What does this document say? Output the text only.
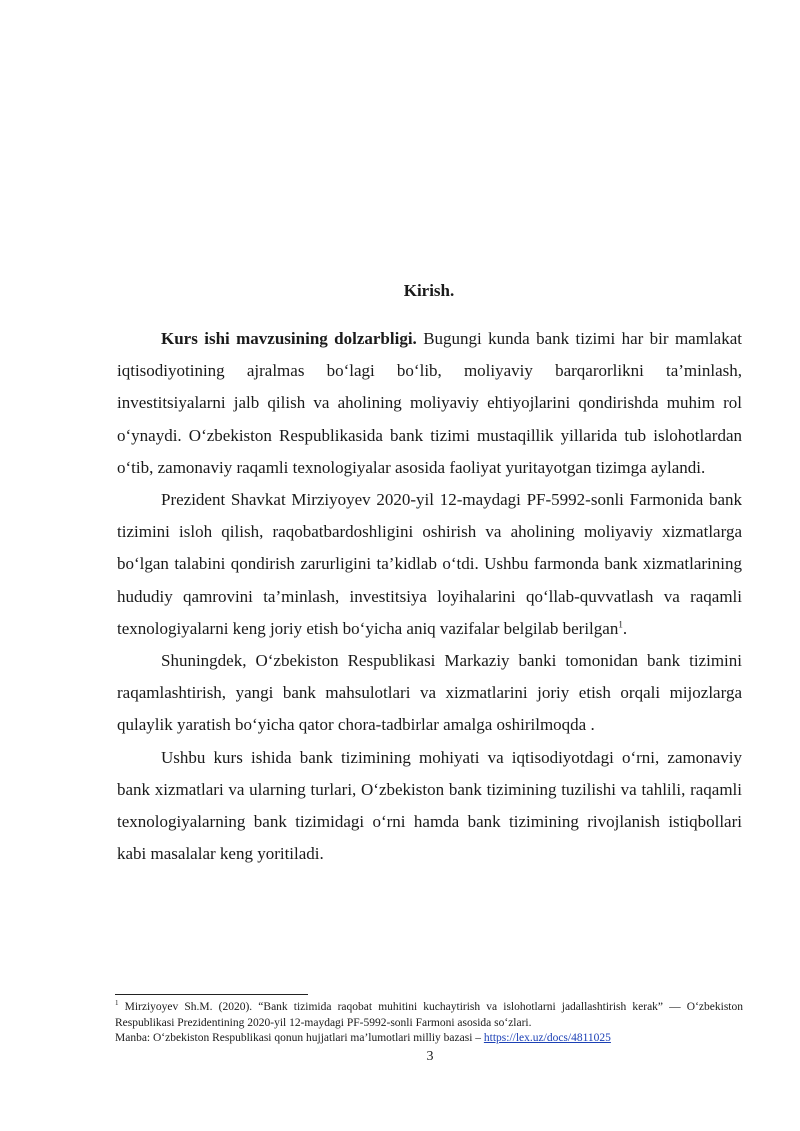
Kirish.

Kurs ishi mavzusining dolzarbligi. Bugungi kunda bank tizimi har bir mamlakat iqtisodiyotining ajralmas bo‘lagi bo‘lib, moliyaviy barqarorlikni ta’minlash, investitsiyalarni jalb qilish va aholining moliyaviy ehtiyojlarini qondirishda muhim rol o‘ynaydi. O‘zbekiston Respublikasida bank tizimi mustaqillik yillarida tub islohotlardan o‘tib, zamonaviy raqamli texnologiyalar asosida faoliyat yuritayotgan tizimga aylandi.

Prezident Shavkat Mirziyoyev 2020-yil 12-maydagi PF-5992-sonli Farmonida bank tizimini isloh qilish, raqobatbardoshligini oshirish va aholining moliyaviy xizmatlarga bo‘lgan talabini qondirish zarurligini ta’kidlab o‘tdi. Ushbu farmonda bank xizmatlarining hududiy qamrovini ta’minlash, investitsiya loyihalarini qo‘llab-quvvatlash va raqamli texnologiyalarni keng joriy etish bo‘yicha aniq vazifalar belgilab berilgan$^1$.

Shuningdek, O‘zbekiston Respublikasi Markaziy banki tomonidan bank tizimini raqamlashtirish, yangi bank mahsulotlari va xizmatlarini joriy etish orqali mijozlarga qulaylik yaratish bo‘yicha qator chora-tadbirlar amalga oshirilmoqda .

Ushbu kurs ishida bank tizimining mohiyati va iqtisodiyotdagi o‘rni, zamonaviy bank xizmatlari va ularning turlari, O‘zbekiston bank tizimining tuzilishi va tahlili, raqamli texnologiyalarning bank tizimidagi o‘rni hamda bank tizimining rivojlanish istiqbollari kabi masalalar keng yoritiladi.

$^1$ Mirziyoyev Sh.M. (2020). “Bank tizimida raqobat muhitini kuchaytirish va islohotlarni jadallashtirish kerak” — O‘zbekiston Respublikasi Prezidentining 2020-yil 12-maydagi PF-5992-sonli Farmoni asosida so‘zlari.
Manba: O‘zbekiston Respublikasi qonun hujjatlari ma’lumotlari milliy bazasi – https://lex.uz/docs/4811025
3
